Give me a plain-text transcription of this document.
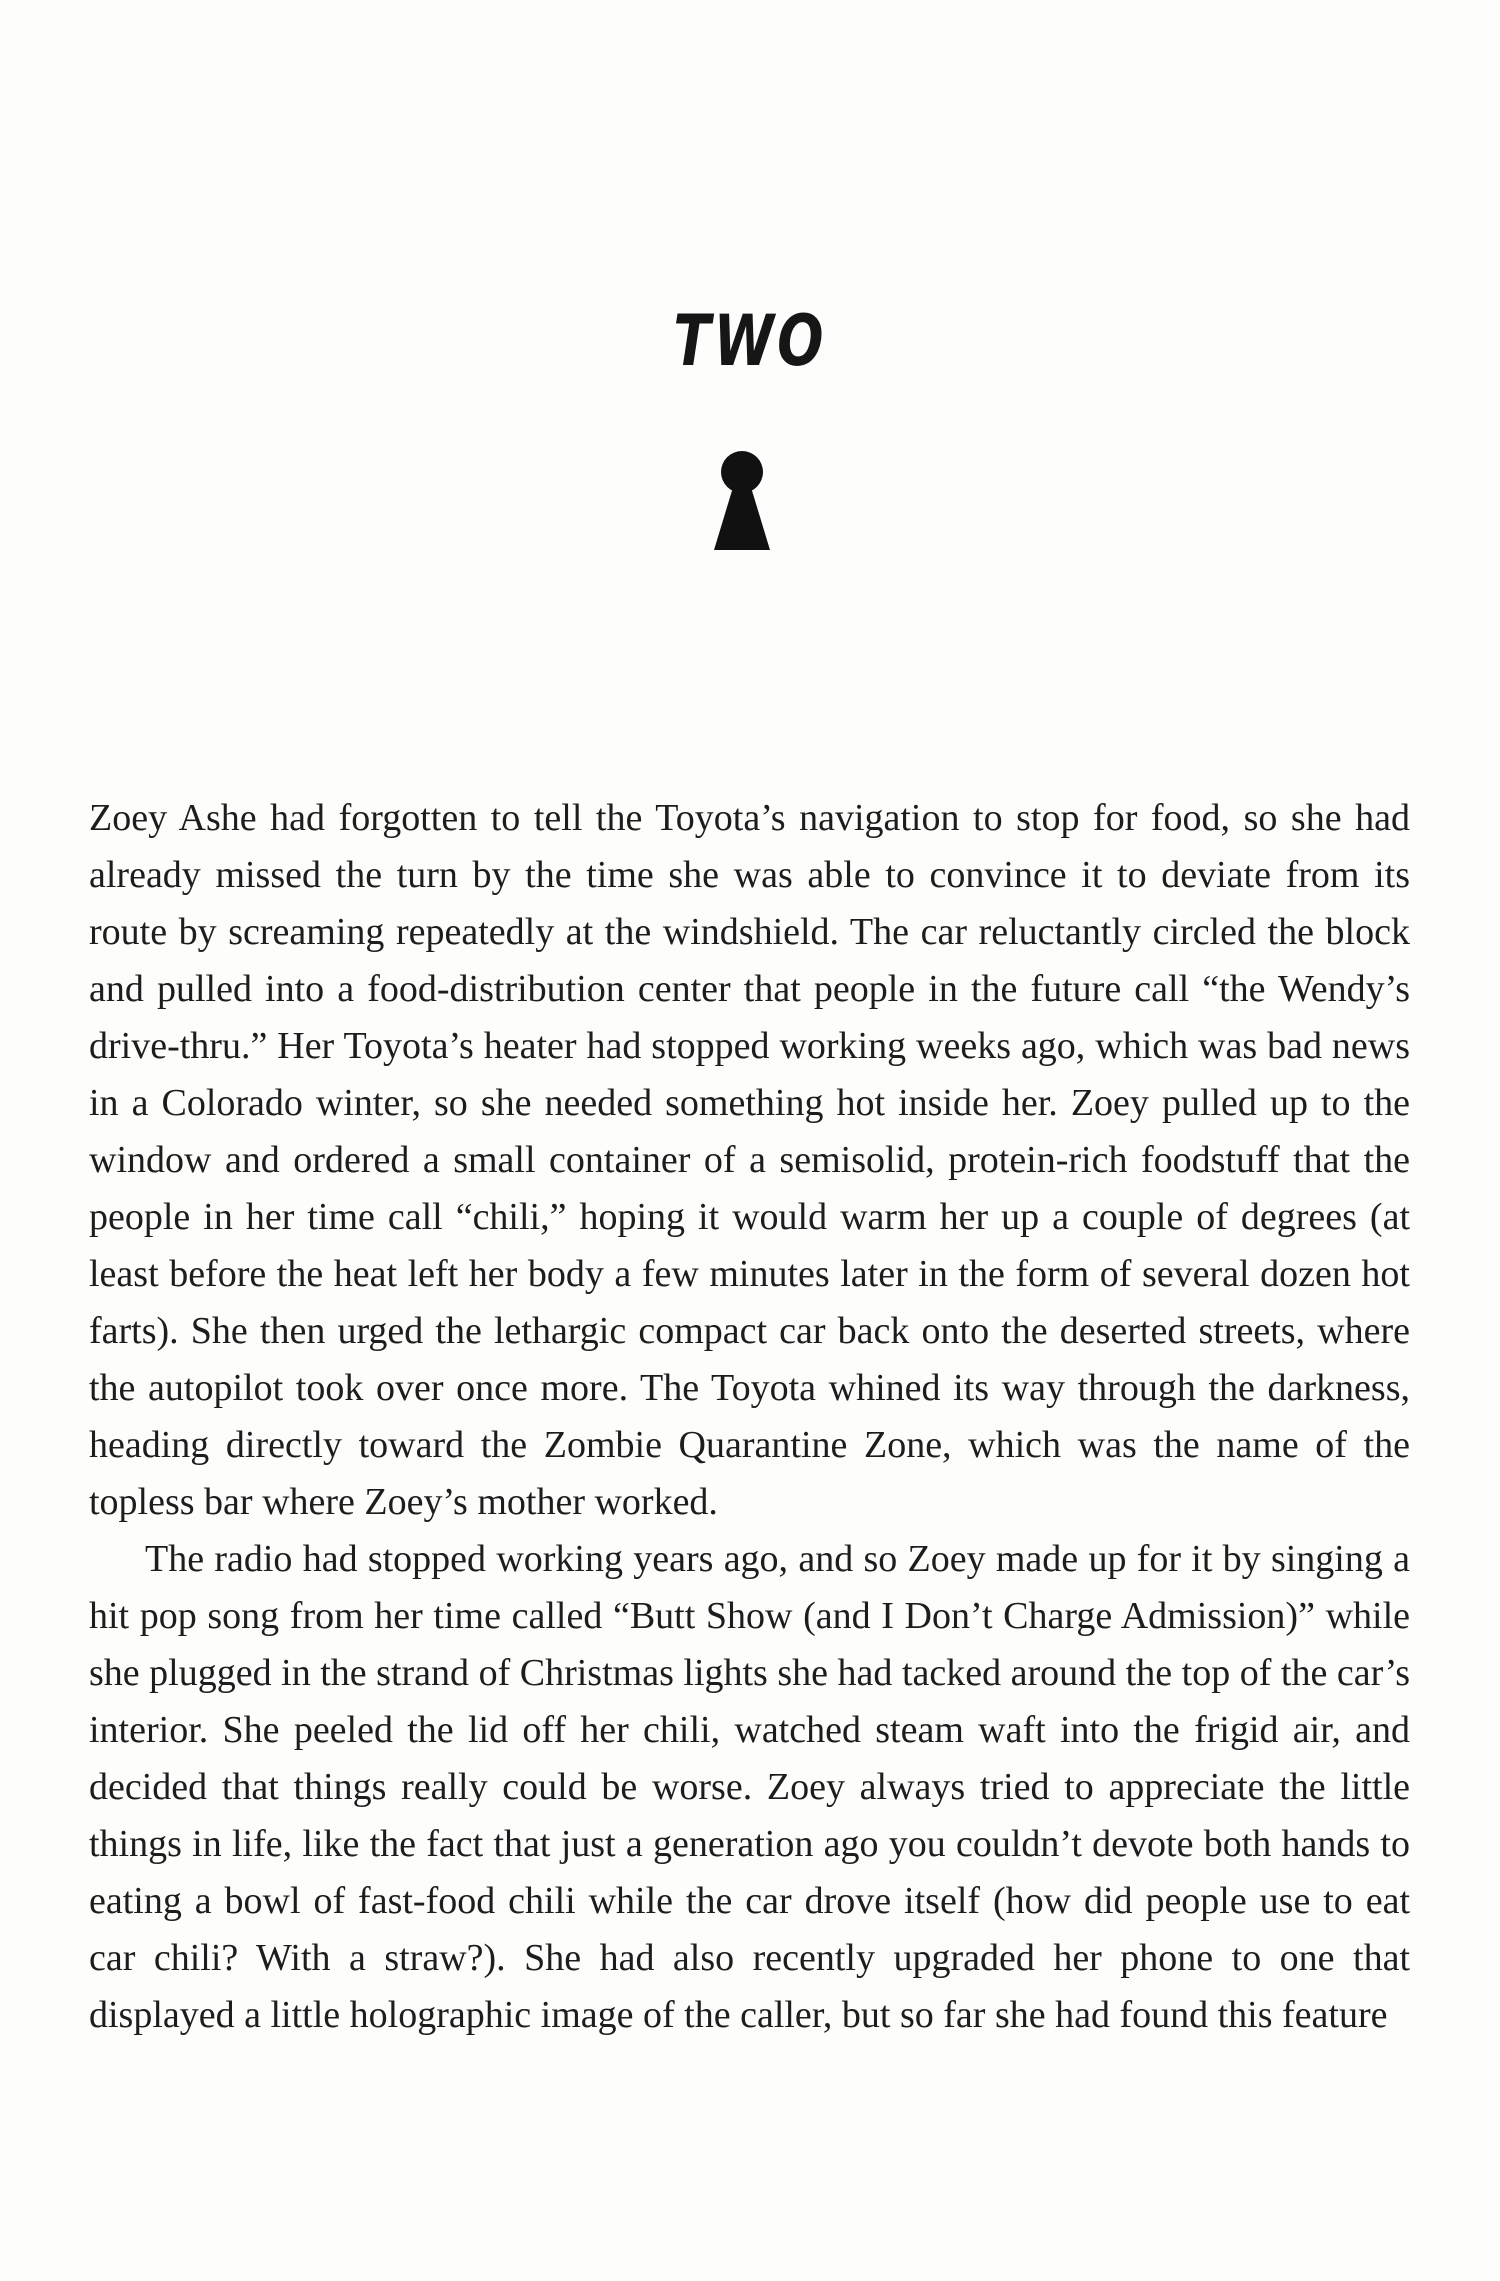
TWO

Zoey Ashe had forgotten to tell the Toyota’s navigation to stop for food, so she had already missed the turn by the time she was able to convince it to deviate from its route by screaming repeatedly at the windshield. The car reluctantly circled the block and pulled into a food-distribution center that people in the future call “the Wendy’s drive-thru.” Her Toyota’s heater had stopped working weeks ago, which was bad news in a Colorado winter, so she needed something hot inside her. Zoey pulled up to the window and ordered a small container of a semisolid, protein-rich foodstuff that the people in her time call “chili,” hoping it would warm her up a couple of degrees (at least before the heat left her body a few minutes later in the form of several dozen hot farts). She then urged the lethargic compact car back onto the deserted streets, where the autopilot took over once more. The Toyota whined its way through the darkness, heading directly toward the Zombie Quarantine Zone, which was the name of the topless bar where Zoey’s mother worked.

The radio had stopped working years ago, and so Zoey made up for it by singing a hit pop song from her time called “Butt Show (and I Don’t Charge Admission)” while she plugged in the strand of Christmas lights she had tacked around the top of the car’s interior. She peeled the lid off her chili, watched steam waft into the frigid air, and decided that things really could be worse. Zoey always tried to appreciate the little things in life, like the fact that just a generation ago you couldn’t devote both hands to eating a bowl of fast-food chili while the car drove itself (how did people use to eat car chili? With a straw?). She had also recently upgraded her phone to one that displayed a little holographic image of the caller, but so far she had found this feature
